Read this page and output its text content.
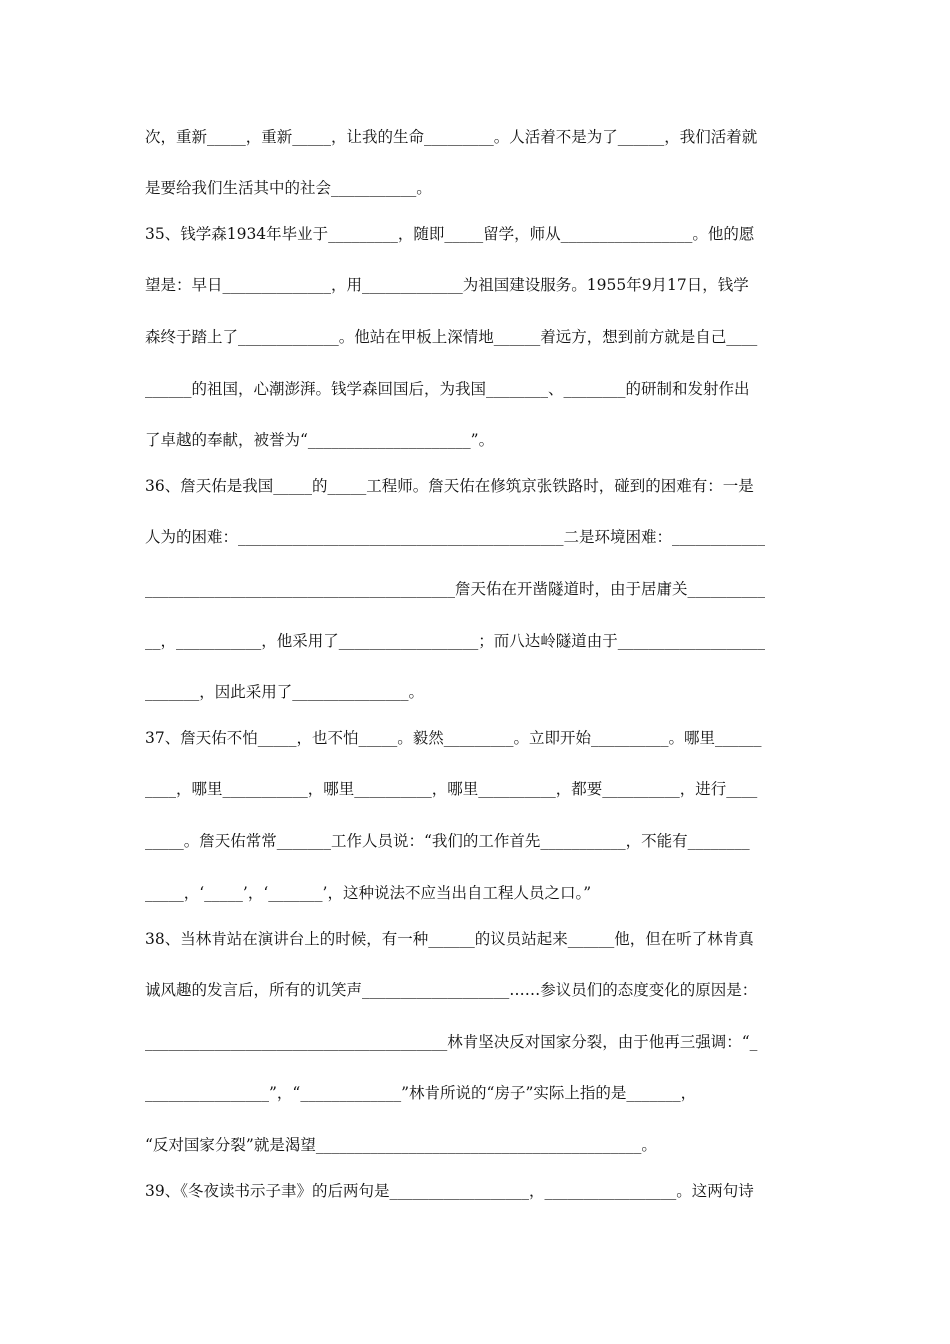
次，重新_____，重新_____，让我的生命_________。人活着不是为了______，我们活着就
是要给我们生活其中的社会___________。
35、钱学森1934年毕业于_________，随即_____留学，师从_________________。他的愿
望是：早日______________，用_____________为祖国建设服务。1955年9月17日，钱学
森终于踏上了_____________。他站在甲板上深情地______着远方，想到前方就是自己____
______的祖国，心潮澎湃。钱学森回国后，为我国________、________的研制和发射作出
了卓越的奉献，被誉为“_____________________”。
36、詹天佑是我国_____的_____工程师。詹天佑在修筑京张铁路时，碰到的困难有：一是
人为的困难：__________________________________________二是环境困难：____________
________________________________________詹天佑在开凿隧道时，由于居庸关__________
__，___________，他采用了__________________；而八达岭隧道由于___________________
_______，因此采用了_______________。
37、詹天佑不怕_____，也不怕_____。毅然_________。立即开始__________。哪里______
____，哪里___________，哪里__________，哪里__________，都要__________，进行____
_____。詹天佑常常_______工作人员说：“我们的工作首先___________，不能有________
_____，‘_____’，‘_______’，这种说法不应当出自工程人员之口。”
38、当林肯站在演讲台上的时候，有一种______的议员站起来______他，但在听了林肯真
诚风趣的发言后，所有的讥笑声___________________……参议员们的态度变化的原因是：
_______________________________________林肯坚决反对国家分裂，由于他再三强调：“_
________________”，“_____________”林肯所说的“房子”实际上指的是_______，
“反对国家分裂”就是渴望__________________________________________。
39、《冬夜读书示子聿》的后两句是__________________，_________________。这两句诗
